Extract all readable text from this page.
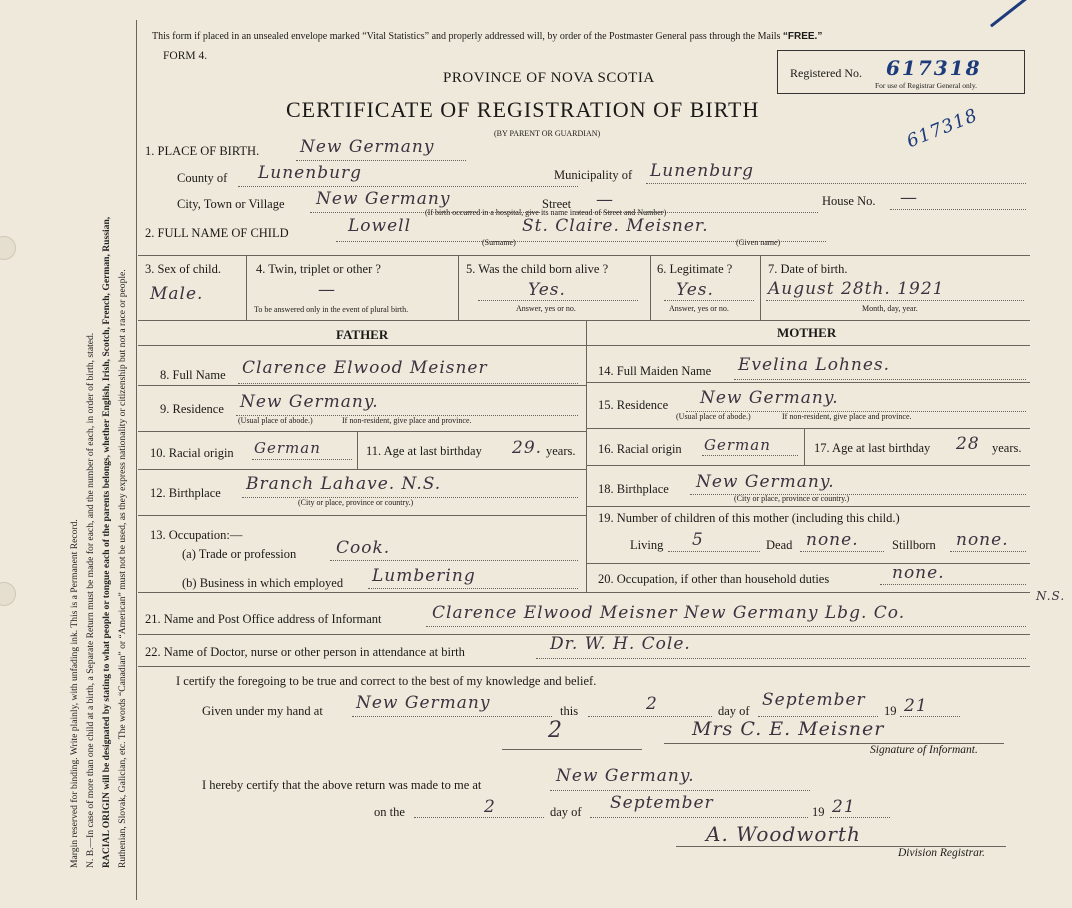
Margin reserved for binding. Write plainly, with unfading ink. This is a Permanent Record. N. B.—In case of more than one child at a birth, a Separate Return must be made for each, and the number of each, in order of birth, stated. RACIAL ORIGIN will be designated by stating to what people or tongue each of the parents belongs, whether English, Irish, Scotch, French, German, Russian, Ruthenian, Slovak, Galician, etc. The words “Canadian” or “American” must not be used, as they express nationality or citizenship but not a race or people.
This form if placed in an unsealed envelope marked “Vital Statistics” and properly addressed will, by order of the Postmaster General pass through the Mails “FREE.”
FORM 4.
Registered No. 617318
For use of Registrar General only.
PROVINCE OF NOVA SCOTIA
CERTIFICATE OF REGISTRATION OF BIRTH
(BY PARENT OR GUARDIAN)	617318
1. PLACE OF BIRTH. New Germany
County of Lunenburg	Municipality of Lunenburg
City, Town or Village New Germany	Street —	House No. —
(If birth occurred in a hospital, give its name instead of Street and Number)
2. FULL NAME OF CHILD	Lowell	St. Claire. Meisner.
(Surname)	(Given name)
3. Sex of child.
Male.
4. Twin, triplet or other ?
—
To be answered only in the event of plural birth.
5. Was the child born alive ?
Yes.
Answer, yes or no.
6. Legitimate ?
Yes.
Answer, yes or no.
7. Date of birth.
August 28th. 1921
Month, day, year.
FATHER	MOTHER
8. Full Name Clarence Elwood Meisner
9. Residence New Germany.
(Usual place of abode.)	If non-resident, give place and province.
10. Racial origin German	11. Age at last birthday 29. years.
12. Birthplace Branch Lahave. N.S.
(City or place, province or country.)
13. Occupation:—
(a) Trade or profession Cook.
(b) Business in which employed Lumbering
14. Full Maiden Name Evelina Lohnes.
15. Residence New Germany.
(Usual place of abode.)	If non-resident, give place and province.
16. Racial origin German	17. Age at last birthday 28 years.
18. Birthplace New Germany.
(City or place, province or country.)
19. Number of children of this mother (including this child.)
Living 5	Dead none.	Stillborn none.
20. Occupation, if other than household duties	none.
21. Name and Post Office address of Informant	Clarence Elwood Meisner New Germany Lbg. Co.
N.S.
22. Name of Doctor, nurse or other person in attendance at birth	Dr. W. H. Cole.
I certify the foregoing to be true and correct to the best of my knowledge and belief.
Given under my hand at New Germany	this	2	day of
September
19 21
2	Mrs C. E. Meisner
Signature of Informant.
I hereby certify that the above return was made to me at	New Germany.
on the	2	day of September	19 21
A. Woodworth
Division Registrar.
